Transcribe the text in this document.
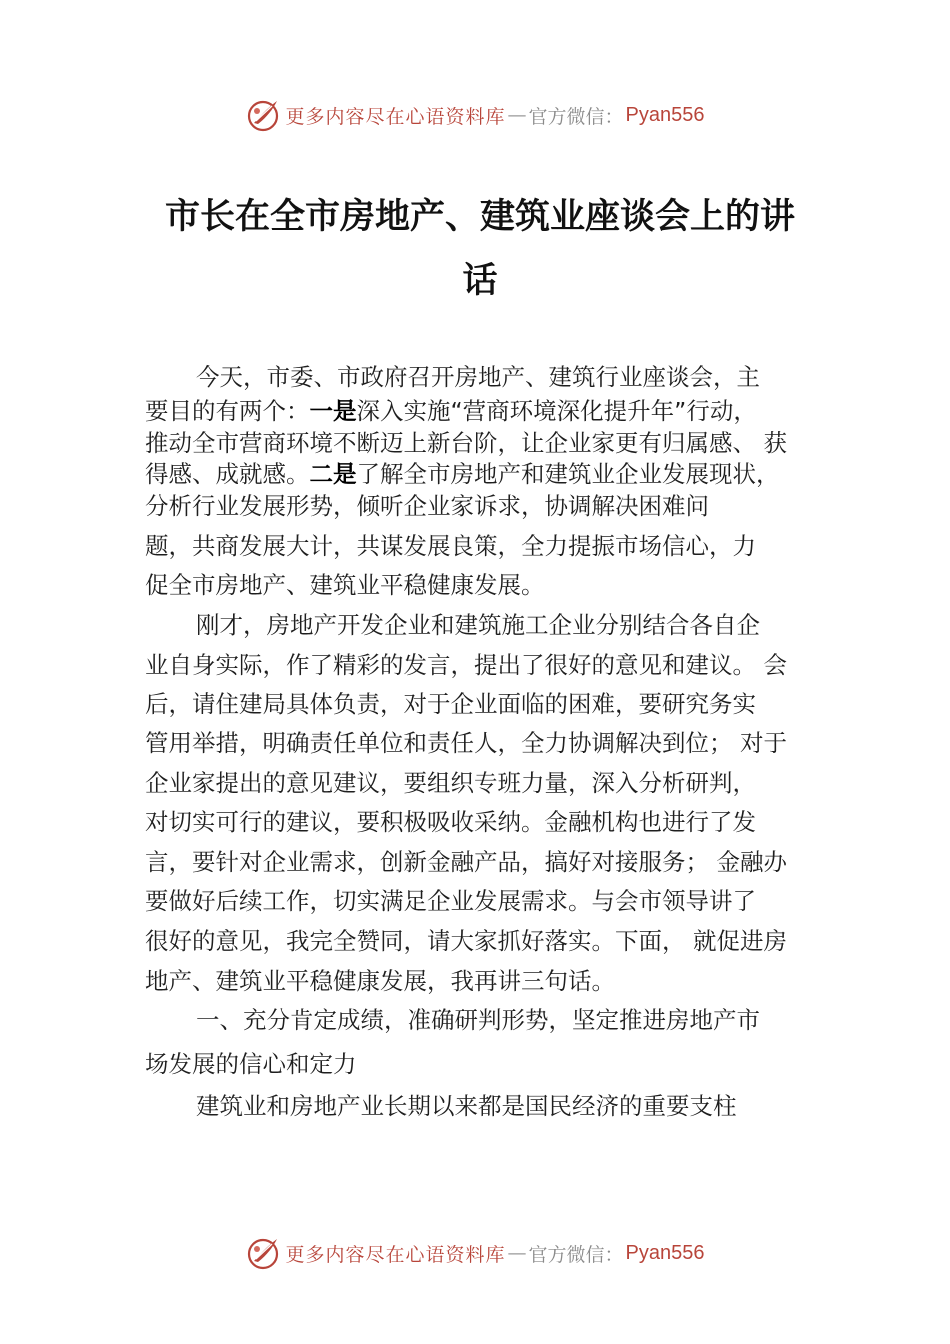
更多内容尽在心语资料库 — 官方微信： Pyan556
市长在全市房地产、建筑业座谈会上的讲
话
今天，市委、市政府召开房地产、建筑行业座谈会，主
要目的有两个：一是深入实施“营商环境深化提升年”行动，
推动全市营商环境不断迈上新台阶，让企业家更有归属感、 获
得感、成就感。二是了解全市房地产和建筑业企业发展现状，
分析行业发展形势，倾听企业家诉求，协调解决困难问
题，共商发展大计，共谋发展良策，全力提振市场信心，力
促全市房地产、建筑业平稳健康发展。
刚才，房地产开发企业和建筑施工企业分别结合各自企
业自身实际，作了精彩的发言，提出了很好的意见和建议。 会
后，请住建局具体负责，对于企业面临的困难，要研究务实
管用举措，明确责任单位和责任人，全力协调解决到位； 对于
企业家提出的意见建议，要组织专班力量，深入分析研判，
对切实可行的建议，要积极吸收采纳。金融机构也进行了发
言，要针对企业需求，创新金融产品，搞好对接服务； 金融办
要做好后续工作，切实满足企业发展需求。与会市领导讲了
很好的意见，我完全赞同，请大家抓好落实。下面， 就促进房
地产、建筑业平稳健康发展，我再讲三句话。
一、充分肯定成绩，准确研判形势，坚定推进房地产市
场发展的信心和定力
建筑业和房地产业长期以来都是国民经济的重要支柱
更多内容尽在心语资料库 — 官方微信： Pyan556
